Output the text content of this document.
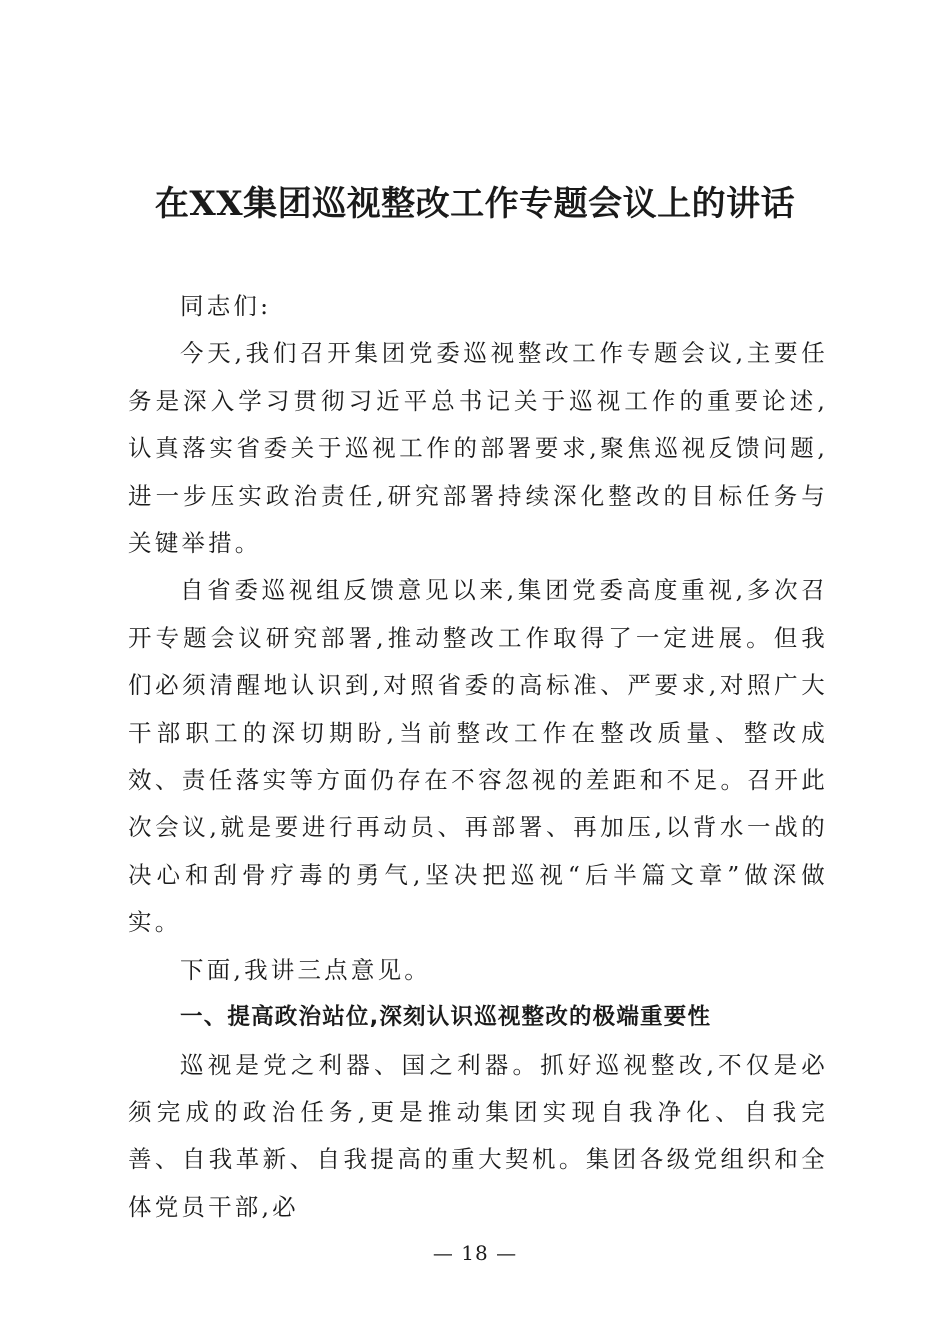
在XX集团巡视整改工作专题会议上的讲话

同志们:

今天,我们召开集团党委巡视整改工作专题会议,主要任务是深入学习贯彻习近平总书记关于巡视工作的重要论述,认真落实省委关于巡视工作的部署要求,聚焦巡视反馈问题,进一步压实政治责任,研究部署持续深化整改的目标任务与关键举措。

自省委巡视组反馈意见以来,集团党委高度重视,多次召开专题会议研究部署,推动整改工作取得了一定进展。但我们必须清醒地认识到,对照省委的高标准、严要求,对照广大干部职工的深切期盼,当前整改工作在整改质量、整改成效、责任落实等方面仍存在不容忽视的差距和不足。召开此次会议,就是要进行再动员、再部署、再加压,以背水一战的决心和刮骨疗毒的勇气,坚决把巡视“后半篇文章”做深做实。

下面,我讲三点意见。

一、提高政治站位,深刻认识巡视整改的极端重要性

巡视是党之利器、国之利器。抓好巡视整改,不仅是必须完成的政治任务,更是推动集团实现自我净化、自我完善、自我革新、自我提高的重大契机。集团各级党组织和全体党员干部,必

— 18 —
